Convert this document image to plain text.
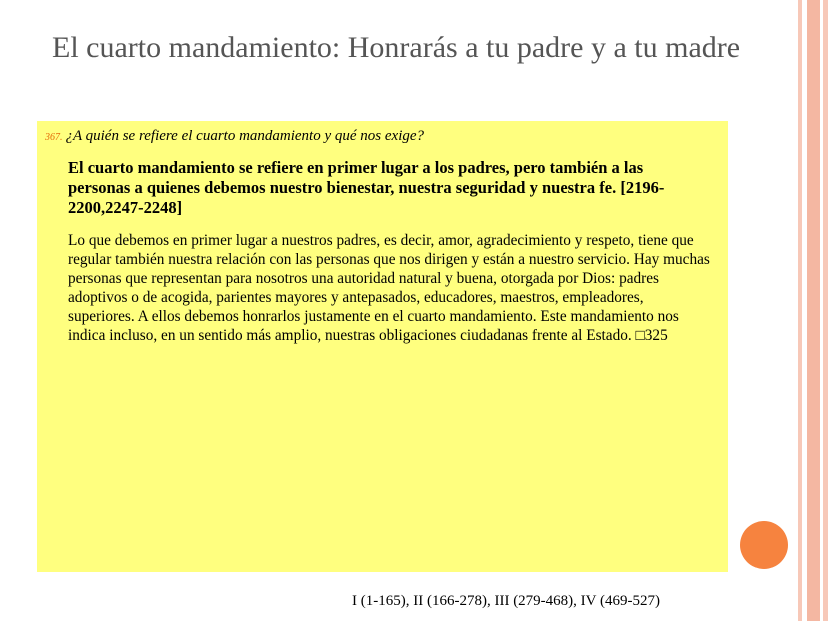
El cuarto mandamiento: Honrarás a tu padre y a tu madre
367. ¿A quién se refiere el cuarto mandamiento y qué nos exige?

El cuarto mandamiento se refiere en primer lugar a los padres, pero también a las personas a quienes debemos nuestro bienestar, nuestra seguridad y nuestra fe. [2196-2200,2247-2248]

Lo que debemos en primer lugar a nuestros padres, es decir, amor, agradecimiento y respeto, tiene que regular también nuestra relación con las personas que nos dirigen y están a nuestro servicio. Hay muchas personas que representan para nosotros una autoridad natural y buena, otorgada por Dios: padres adoptivos o de acogida, parientes mayores y antepasados, educadores, maestros, empleadores, superiores. A ellos debemos honrarlos justamente en el cuarto mandamiento. Este mandamiento nos indica incluso, en un sentido más amplio, nuestras obligaciones ciudadanas frente al Estado. □325

I (1-165), II (166-278), III (279-468), IV (469-527)
